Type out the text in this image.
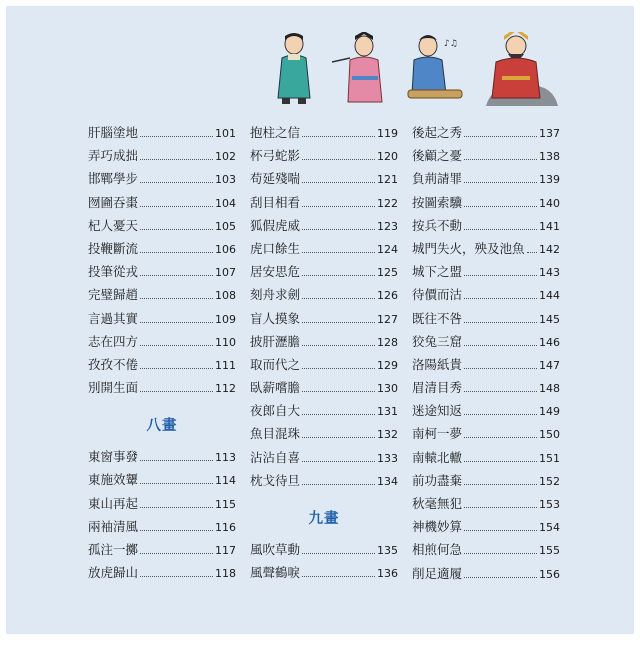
♪♫
肝腦塗地	101
弄巧成拙	102
邯鄲學步	103
囫圇吞棗	104
杞人憂天	105
投鞭斷流	106
投筆從戎	107
完璧歸趙	108
言過其實	109
志在四方	110
孜孜不倦	111
別開生面	112
八畫
東窗事發	113
東施效顰	114
東山再起	115
兩袖清風	116
孤注一擲	117
放虎歸山	118
抱柱之信	119
杯弓蛇影	120
苟延殘喘	121
刮目相看	122
狐假虎威	123
虎口餘生	124
居安思危	125
刻舟求劍	126
盲人摸象	127
披肝瀝膽	128
取而代之	129
臥薪嚐膽	130
夜郎自大	131
魚目混珠	132
沾沾自喜	133
枕戈待旦	134
九畫
風吹草動	135
風聲鶴唳	136
後起之秀	137
後顧之憂	138
負荊請罪	139
按圖索驥	140
按兵不動	141
城門失火，殃及池魚 142
城下之盟	143
待價而沽	144
既往不咎	145
狡兔三窟	146
洛陽紙貴	147
眉清目秀	148
迷途知返	149
南柯一夢	150
南轅北轍	151
前功盡棄	152
秋毫無犯	153
神機妙算	154
相煎何急	155
削足適履	156
